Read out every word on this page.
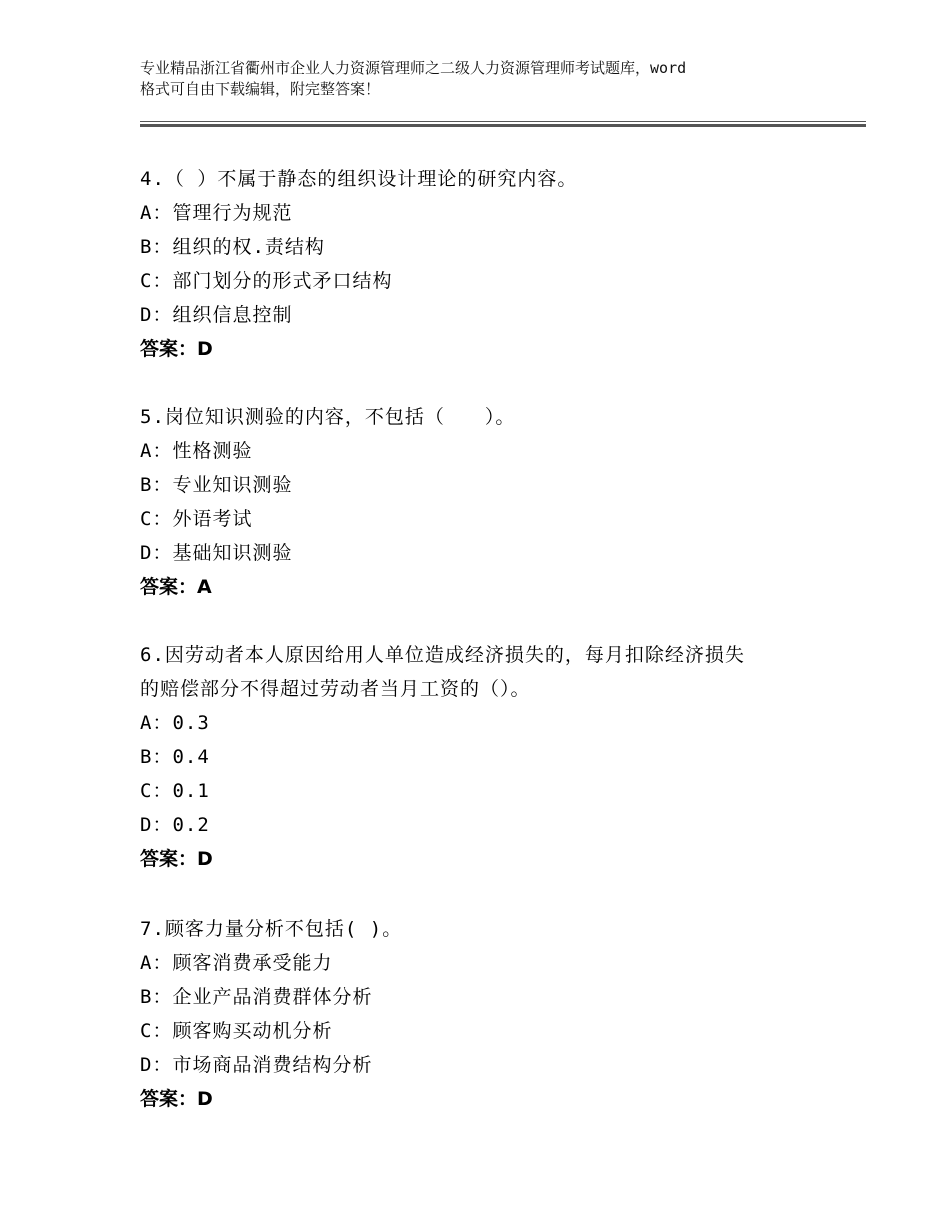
专业精品浙江省衢州市企业人力资源管理师之二级人力资源管理师考试题库，word
格式可自由下载编辑，附完整答案！

4.（ ）不属于静态的组织设计理论的研究内容。

A：管理行为规范

B：组织的权.责结构

C：部门划分的形式矛口结构

D：组织信息控制

答案：D

5.岗位知识测验的内容，不包括（　　）。

A：性格测验

B：专业知识测验

C：外语考试

D：基础知识测验

答案：A

6.因劳动者本人原因给用人单位造成经济损失的，每月扣除经济损失

的赔偿部分不得超过劳动者当月工资的（）。

A：0.3

B：0.4

C：0.1

D：0.2

答案：D

7.顾客力量分析不包括( )。

A：顾客消费承受能力

B：企业产品消费群体分析

C：顾客购买动机分析

D：市场商品消费结构分析

答案：D
